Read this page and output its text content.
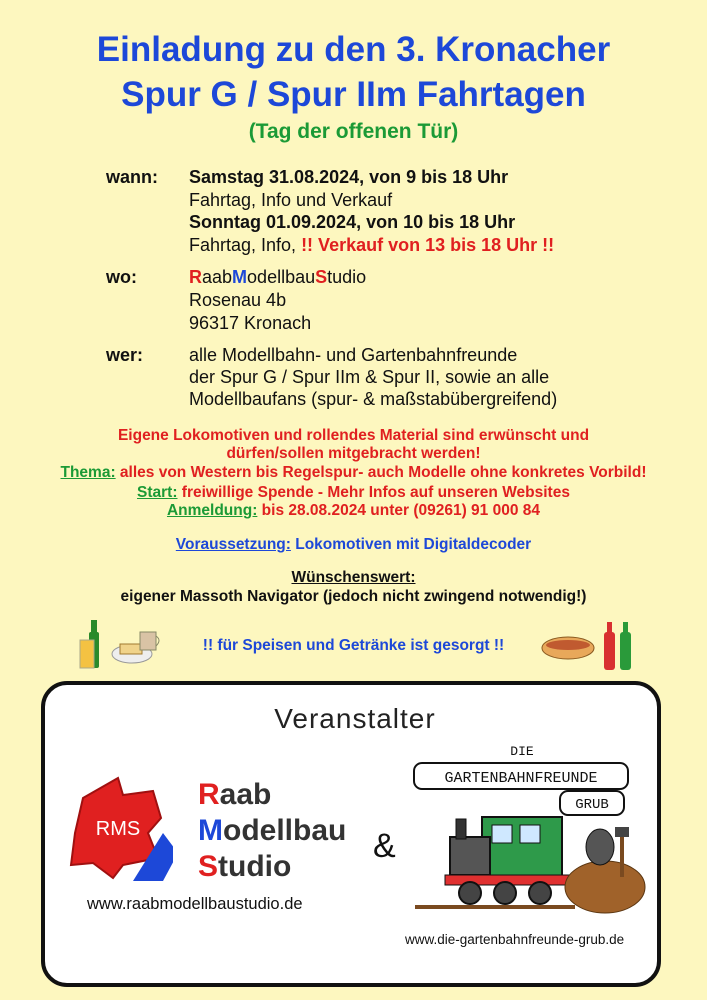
Einladung zu den 3. Kronacher
Spur G / Spur IIm Fahrtagen
(Tag der offenen Tür)
wann: Samstag 31.08.2024, von 9 bis 18 Uhr
Fahrtag, Info und Verkauf
Sonntag 01.09.2024, von 10 bis 18 Uhr
Fahrtag, Info, !! Verkauf von 13 bis 18 Uhr !!
wo:	RaabModellbauStudio
Rosenau 4b
96317 Kronach
wer:	alle Modellbahn- und Gartenbahnfreunde
der Spur G / Spur IIm & Spur II, sowie an alle
Modellbaufans (spur- & maßstabübergreifend)
Eigene Lokomotiven und rollendes Material sind erwünscht und
dürfen/sollen mitgebracht werden!
Thema: alles von Western bis Regelspur- auch Modelle ohne konkretes Vorbild!
Start: freiwillige Spende - Mehr Infos auf unseren Websites
Anmeldung: bis 28.08.2024 unter (09261) 91 000 84
Voraussetzung: Lokomotiven mit Digitaldecoder
Wünschenswert:
eigener Massoth Navigator (jedoch nicht zwingend notwendig!)
!! für Speisen und Getränke ist gesorgt !!
Veranstalter
RMS
Raab
Modellbau
Studio
www.raabmodellbaustudio.de
&
DIE
GARTENBAHNFREUNDE
GRUB
www.die-gartenbahnfreunde-grub.de
